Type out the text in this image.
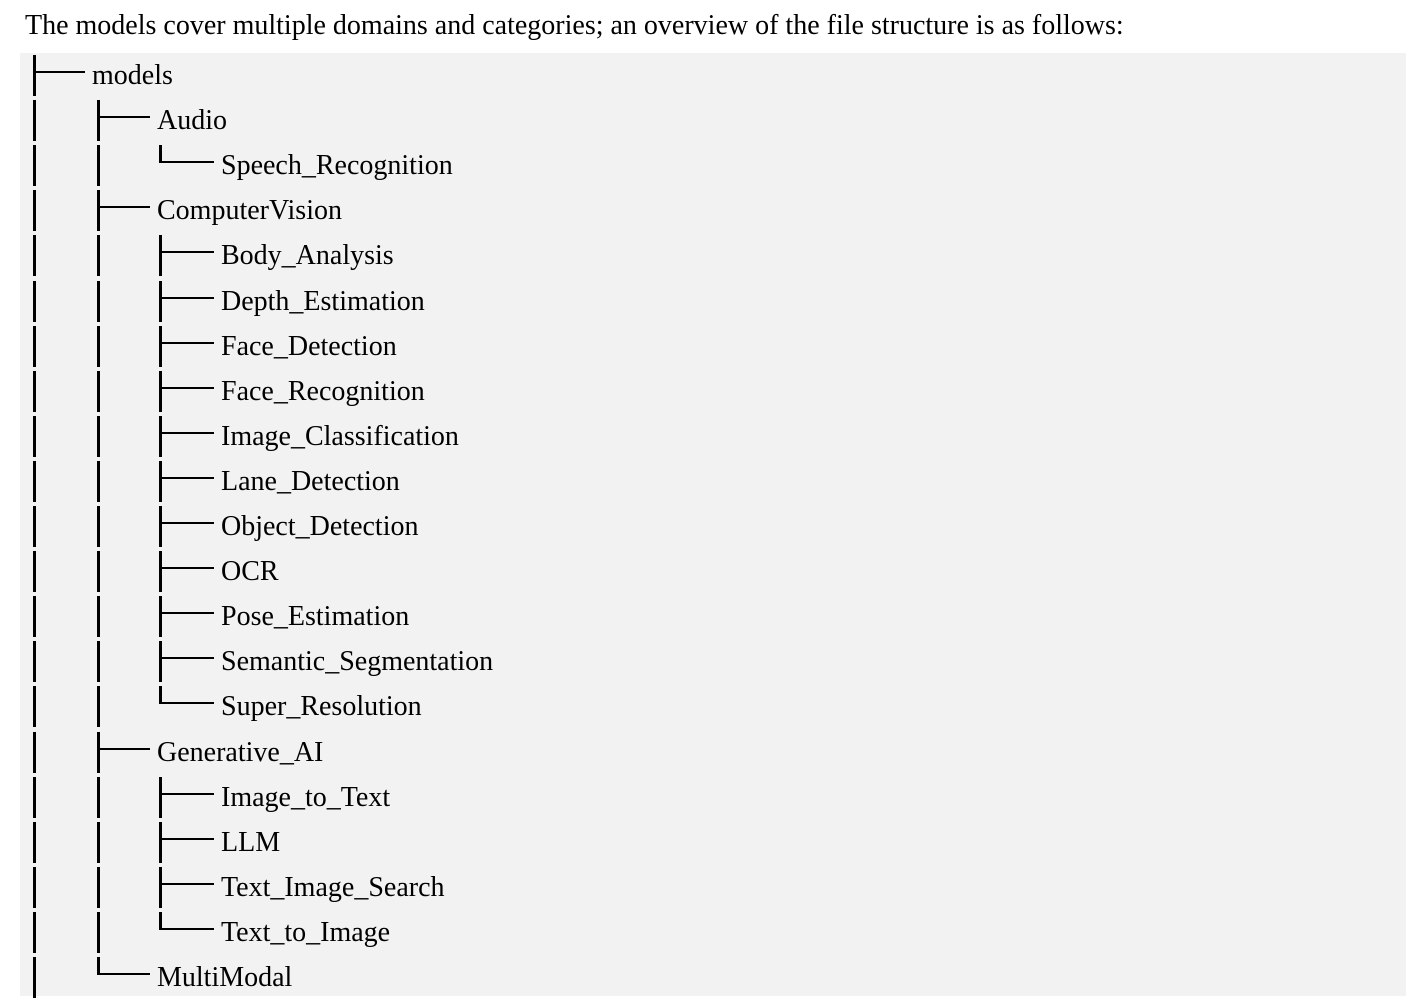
The models cover multiple domains and categories; an overview of the file structure is as follows:
models
Audio
Speech_Recognition
ComputerVision
Body_Analysis
Depth_Estimation
Face_Detection
Face_Recognition
Image_Classification
Lane_Detection
Object_Detection
OCR
Pose_Estimation
Semantic_Segmentation
Super_Resolution
Generative_AI
Image_to_Text
LLM
Text_Image_Search
Text_to_Image
MultiModal
